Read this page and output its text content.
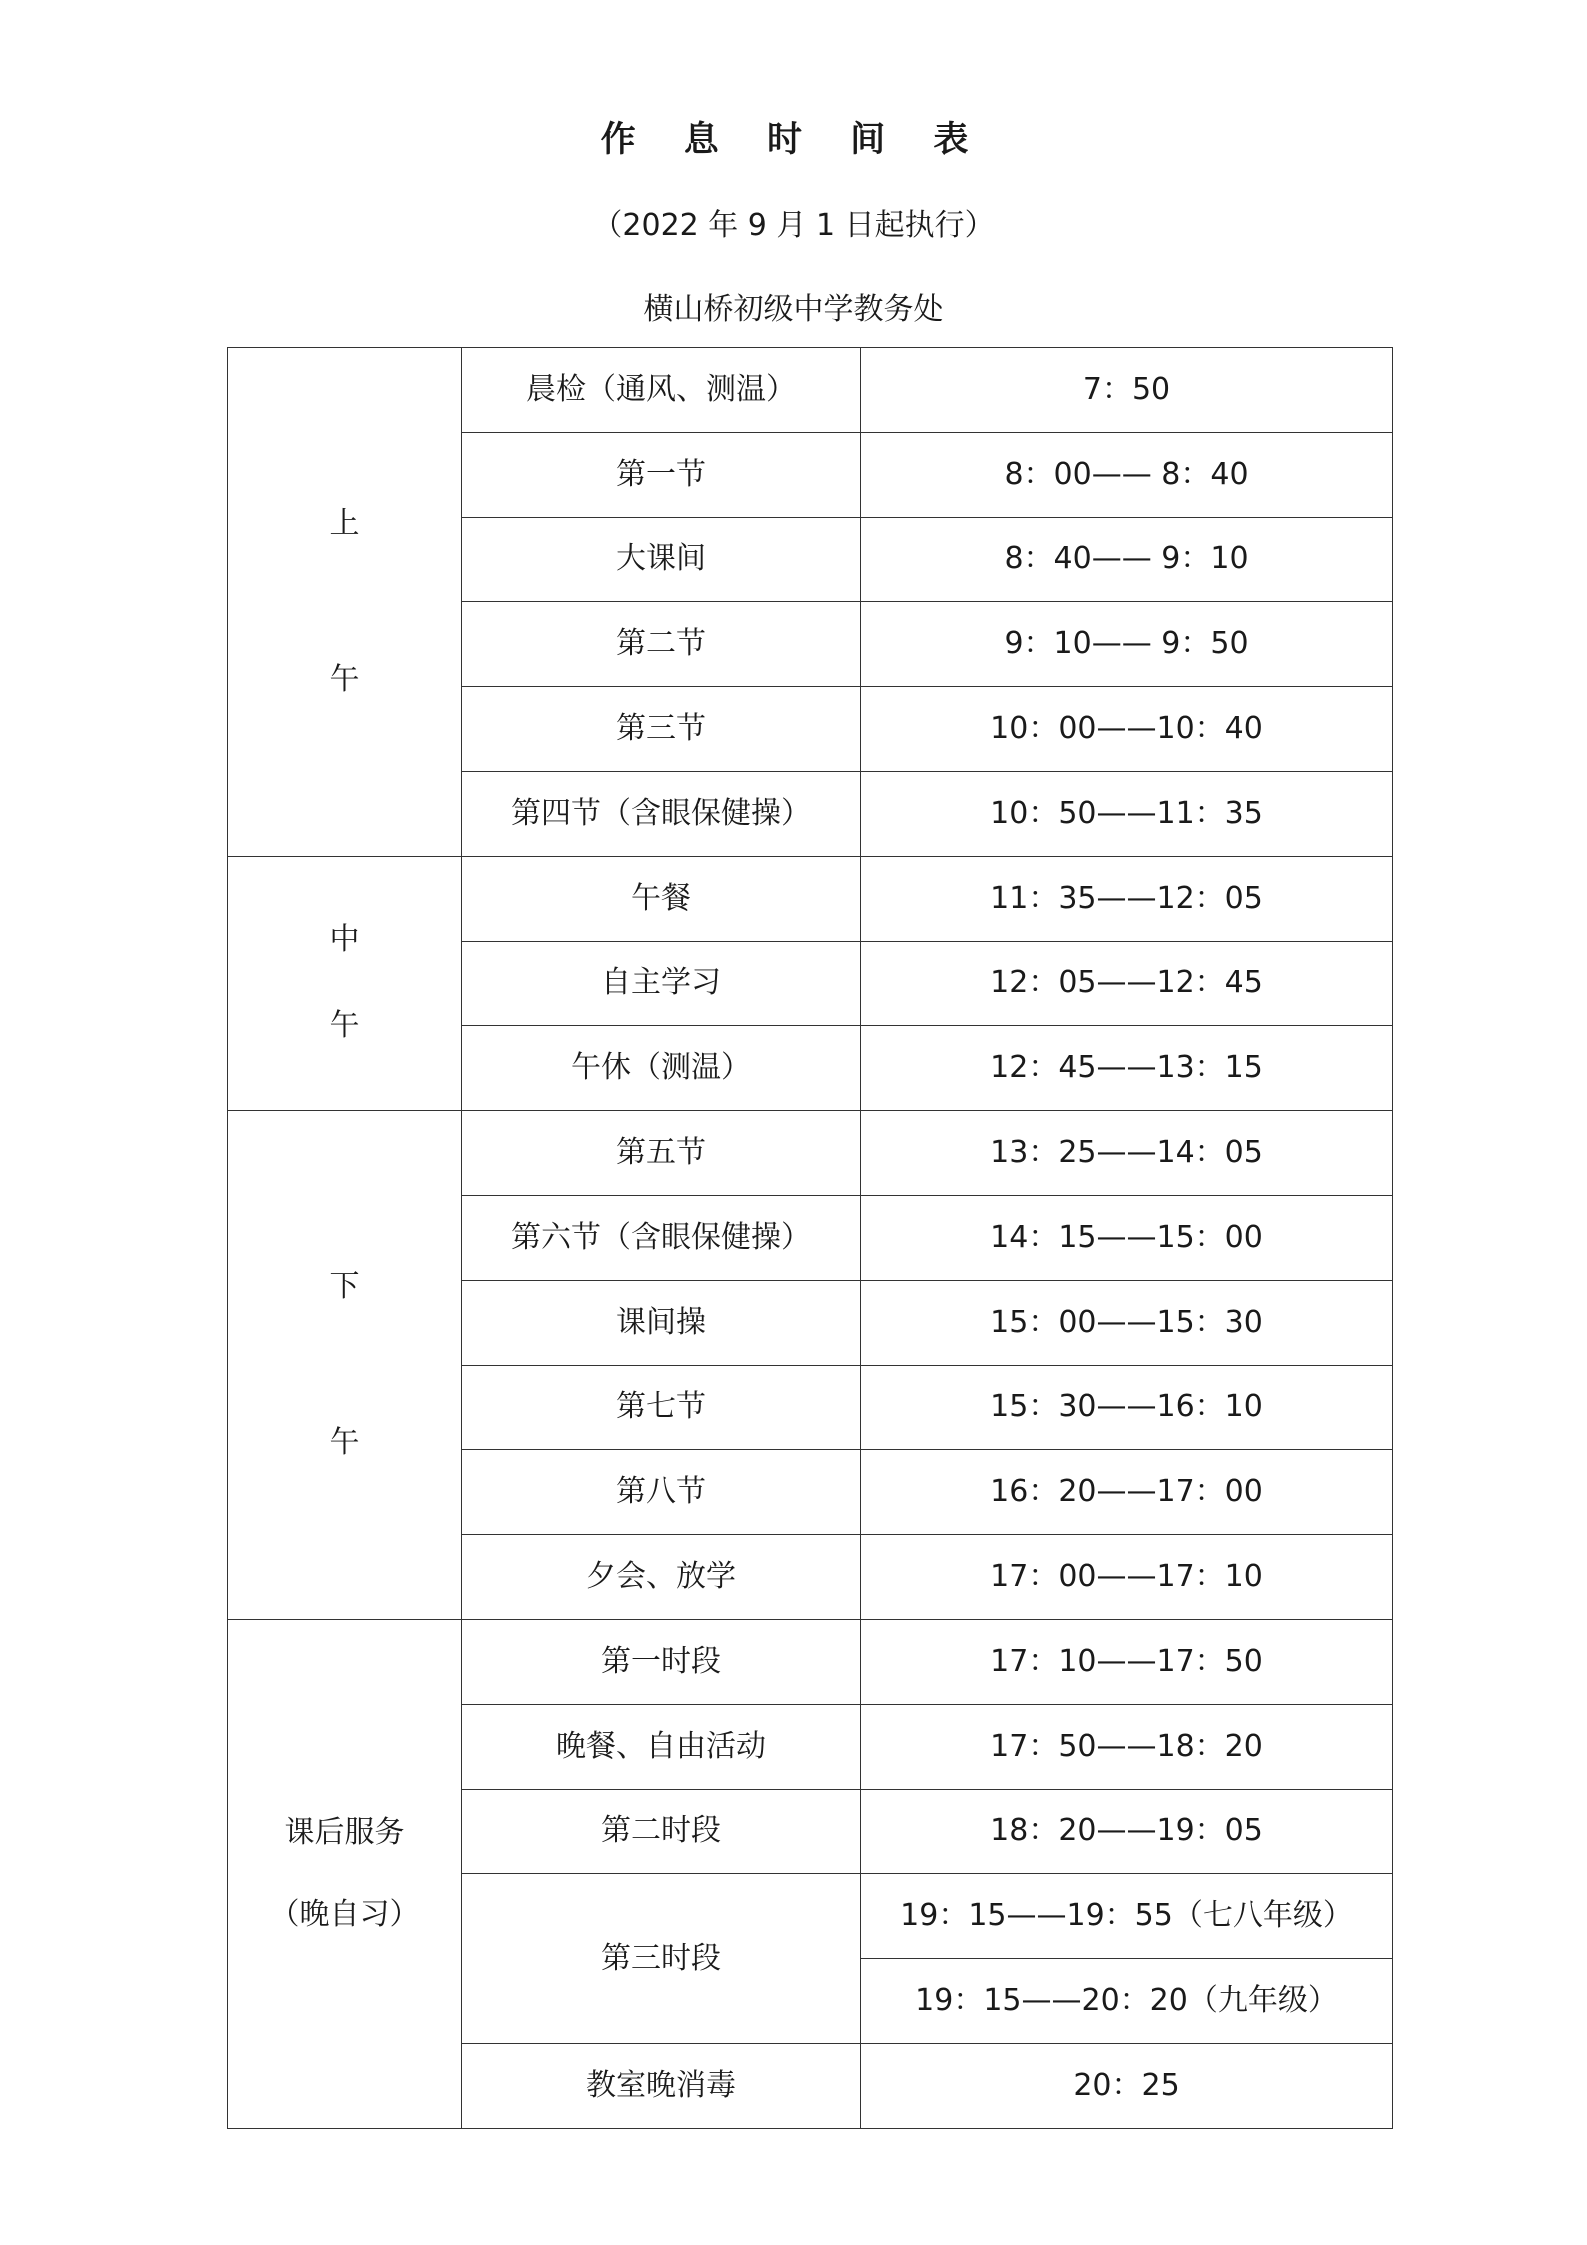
作 息 时 间 表
（2022 年 9 月 1 日起执行）
横山桥初级中学教务处
上
午	晨检（通风、测温）	7：50
	第一节	8：00—— 8：40
	大课间	8：40—— 9：10
	第二节	9：10—— 9：50
	第三节	10：00——10：40
	第四节（含眼保健操）	10：50——11：35

中
午	午餐	11：35——12：05
	自主学习	12：05——12：45
	午休（测温）	12：45——13：15

下
午	第五节	13：25——14：05
	第六节（含眼保健操）	14：15——15：00
	课间操	15：00——15：30
	第七节	15：30——16：10
	第八节	16：20——17：00
	夕会、放学	17：00——17：10

课后服务
（晚自习）	第一时段	17：10——17：50
	晚餐、自由活动	17：50——18：20
	第二时段	18：20——19：05
	第三时段	19：15——19：55（七八年级）
		19：15——20：20（九年级）
	教室晚消毒	20：25
